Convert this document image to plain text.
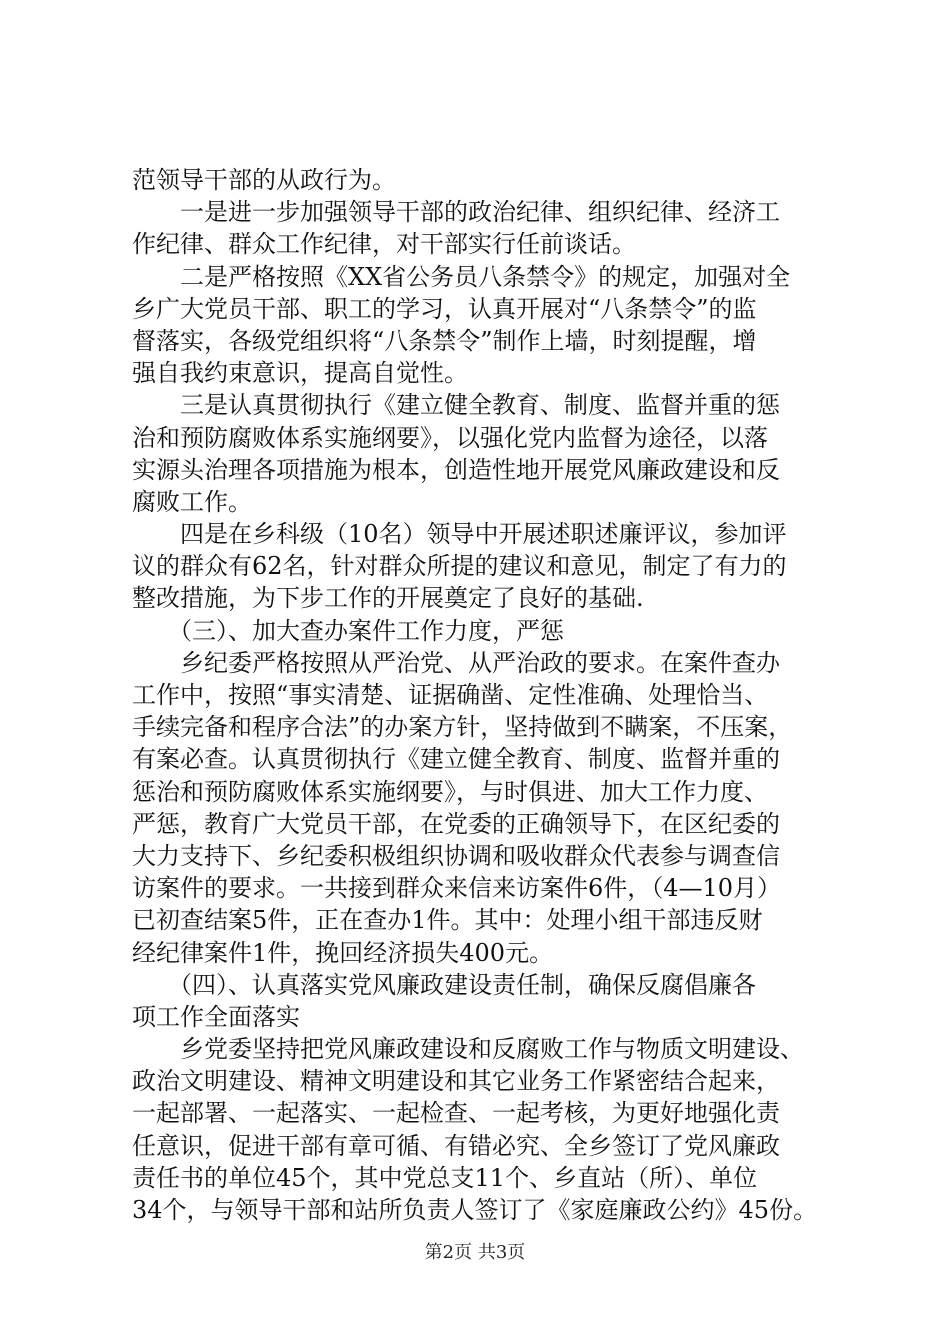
范领导干部的从政行为。
　　一是进一步加强领导干部的政治纪律、组织纪律、经济工
作纪律、群众工作纪律，对干部实行任前谈话。
　　二是严格按照《XX省公务员八条禁令》的规定，加强对全
乡广大党员干部、职工的学习，认真开展对“八条禁令”的监
督落实，各级党组织将“八条禁令”制作上墙，时刻提醒，增
强自我约束意识，提高自觉性。
　　三是认真贯彻执行《建立健全教育、制度、监督并重的惩
治和预防腐败体系实施纲要》，以强化党内监督为途径，以落
实源头治理各项措施为根本，创造性地开展党风廉政建设和反
腐败工作。
　　四是在乡科级（10名）领导中开展述职述廉评议，参加评
议的群众有62名，针对群众所提的建议和意见，制定了有力的
整改措施，为下步工作的开展奠定了良好的基础.
　　（三）、加大查办案件工作力度，严惩
　　乡纪委严格按照从严治党、从严治政的要求。在案件查办
工作中，按照“事实清楚、证据确凿、定性准确、处理恰当、
手续完备和程序合法”的办案方针，坚持做到不瞒案，不压案，
有案必查。认真贯彻执行《建立健全教育、制度、监督并重的
惩治和预防腐败体系实施纲要》，与时俱进、加大工作力度、
严惩，教育广大党员干部，在党委的正确领导下，在区纪委的
大力支持下、乡纪委积极组织协调和吸收群众代表参与调查信
访案件的要求。一共接到群众来信来访案件6件，（4—10月）
已初查结案5件，正在查办1件。其中：处理小组干部违反财
经纪律案件1件，挽回经济损失400元。
　　（四）、认真落实党风廉政建设责任制，确保反腐倡廉各
项工作全面落实
　　乡党委坚持把党风廉政建设和反腐败工作与物质文明建设、
政治文明建设、精神文明建设和其它业务工作紧密结合起来，
一起部署、一起落实、一起检查、一起考核，为更好地强化责
任意识，促进干部有章可循、有错必究、全乡签订了党风廉政
责任书的单位45个，其中党总支11个、乡直站（所）、单位
34个，与领导干部和站所负责人签订了《家庭廉政公约》45份。
第2页 共3页
